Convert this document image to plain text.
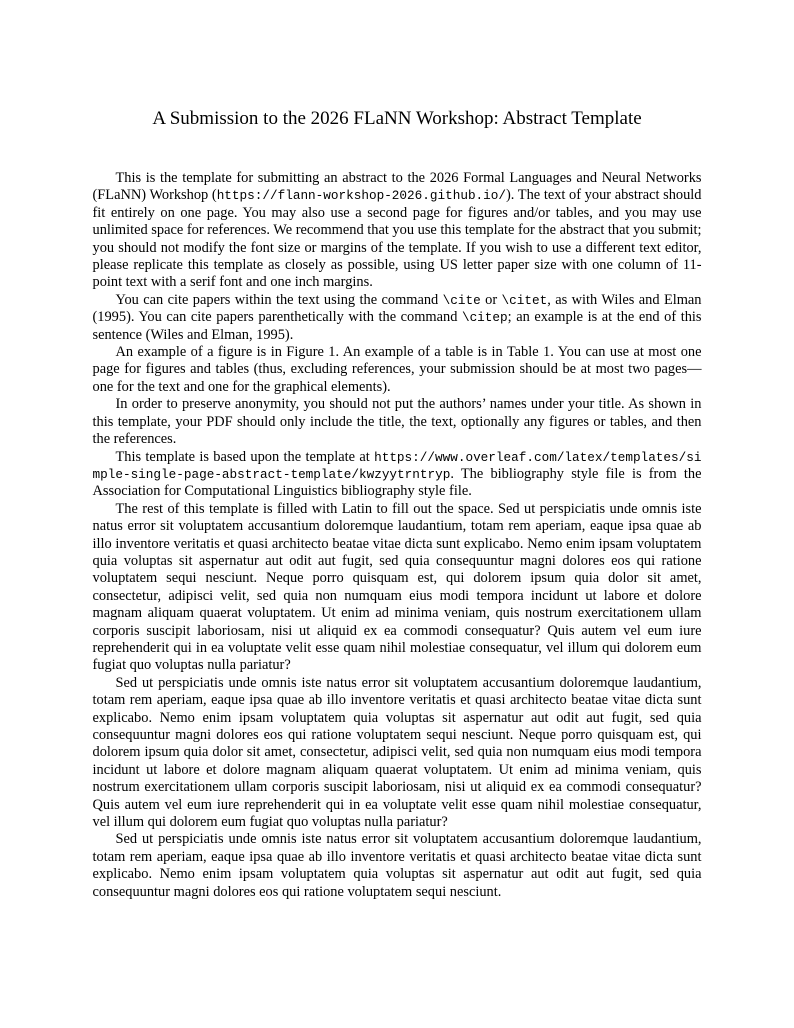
A Submission to the 2026 FLaNN Workshop: Abstract Template

This is the template for submitting an abstract to the 2026 Formal Languages and Neural Networks (FLaNN) Workshop (https://flann-workshop-2026.github.io/). The text of your abstract should fit entirely on one page. You may also use a second page for figures and/or tables, and you may use unlimited space for references. We recommend that you use this template for the abstract that you submit; you should not modify the font size or margins of the template. If you wish to use a different text editor, please replicate this template as closely as possible, using US letter paper size with one column of 11-point text with a serif font and one inch margins.

You can cite papers within the text using the command \cite or \citet, as with Wiles and Elman (1995). You can cite papers parenthetically with the command \citep; an example is at the end of this sentence (Wiles and Elman, 1995).

An example of a figure is in Figure 1. An example of a table is in Table 1. You can use at most one page for figures and tables (thus, excluding references, your submission should be at most two pages—one for the text and one for the graphical elements).

In order to preserve anonymity, you should not put the authors’ names under your title. As shown in this template, your PDF should only include the title, the text, optionally any figures or tables, and then the references.

This template is based upon the template at https://www.overleaf.com/latex/templates/simple-single-page-abstract-template/kwzyytrntryp. The bibliography style file is from the Association for Computational Linguistics bibliography style file.

The rest of this template is filled with Latin to fill out the space. Sed ut perspiciatis unde omnis iste natus error sit voluptatem accusantium doloremque laudantium, totam rem aperiam, eaque ipsa quae ab illo inventore veritatis et quasi architecto beatae vitae dicta sunt explicabo. Nemo enim ipsam voluptatem quia voluptas sit aspernatur aut odit aut fugit, sed quia consequuntur magni dolores eos qui ratione voluptatem sequi nesciunt. Neque porro quisquam est, qui dolorem ipsum quia dolor sit amet, consectetur, adipisci velit, sed quia non numquam eius modi tempora incidunt ut labore et dolore magnam aliquam quaerat voluptatem. Ut enim ad minima veniam, quis nostrum exercitationem ullam corporis suscipit laboriosam, nisi ut aliquid ex ea commodi consequatur? Quis autem vel eum iure reprehenderit qui in ea voluptate velit esse quam nihil molestiae consequatur, vel illum qui dolorem eum fugiat quo voluptas nulla pariatur?

Sed ut perspiciatis unde omnis iste natus error sit voluptatem accusantium doloremque laudantium, totam rem aperiam, eaque ipsa quae ab illo inventore veritatis et quasi architecto beatae vitae dicta sunt explicabo. Nemo enim ipsam voluptatem quia voluptas sit aspernatur aut odit aut fugit, sed quia consequuntur magni dolores eos qui ratione voluptatem sequi nesciunt. Neque porro quisquam est, qui dolorem ipsum quia dolor sit amet, consectetur, adipisci velit, sed quia non numquam eius modi tempora incidunt ut labore et dolore magnam aliquam quaerat voluptatem. Ut enim ad minima veniam, quis nostrum exercitationem ullam corporis suscipit laboriosam, nisi ut aliquid ex ea commodi consequatur? Quis autem vel eum iure reprehenderit qui in ea voluptate velit esse quam nihil molestiae consequatur, vel illum qui dolorem eum fugiat quo voluptas nulla pariatur?

Sed ut perspiciatis unde omnis iste natus error sit voluptatem accusantium doloremque laudantium, totam rem aperiam, eaque ipsa quae ab illo inventore veritatis et quasi architecto beatae vitae dicta sunt explicabo. Nemo enim ipsam voluptatem quia voluptas sit aspernatur aut odit aut fugit, sed quia consequuntur magni dolores eos qui ratione voluptatem sequi nesciunt.
